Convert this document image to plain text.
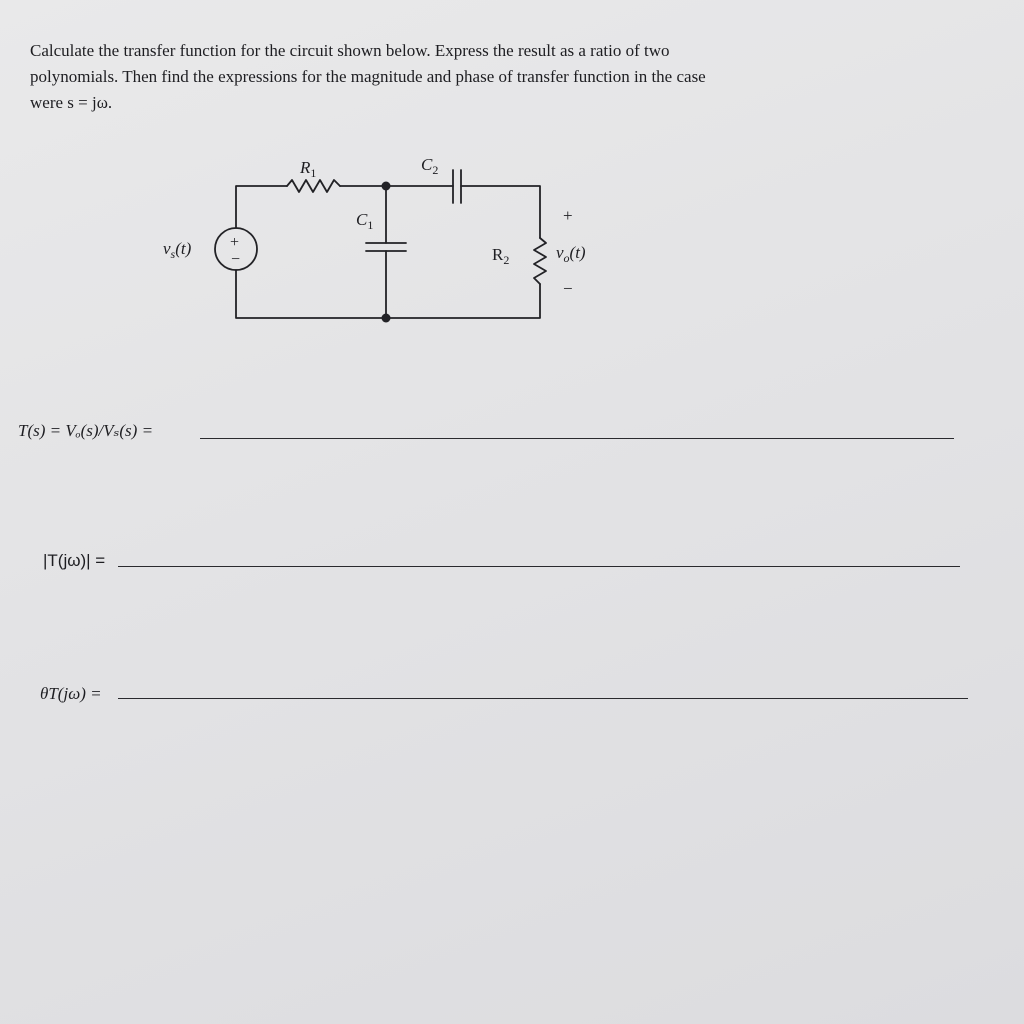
Calculate the transfer function for the circuit shown below. Express the result as a ratio of two
polynomials. Then find the expressions for the magnitude and phase of transfer function in the case
were s = jω.

$R_1$	$C_2$
$C_1$
$R_2$
$v_s(t)$ +
−
+
$v_o(t)$
−
T(s) = Vₒ(s)/Vₛ(s) =
|T(jω)| =
θT(jω) =
